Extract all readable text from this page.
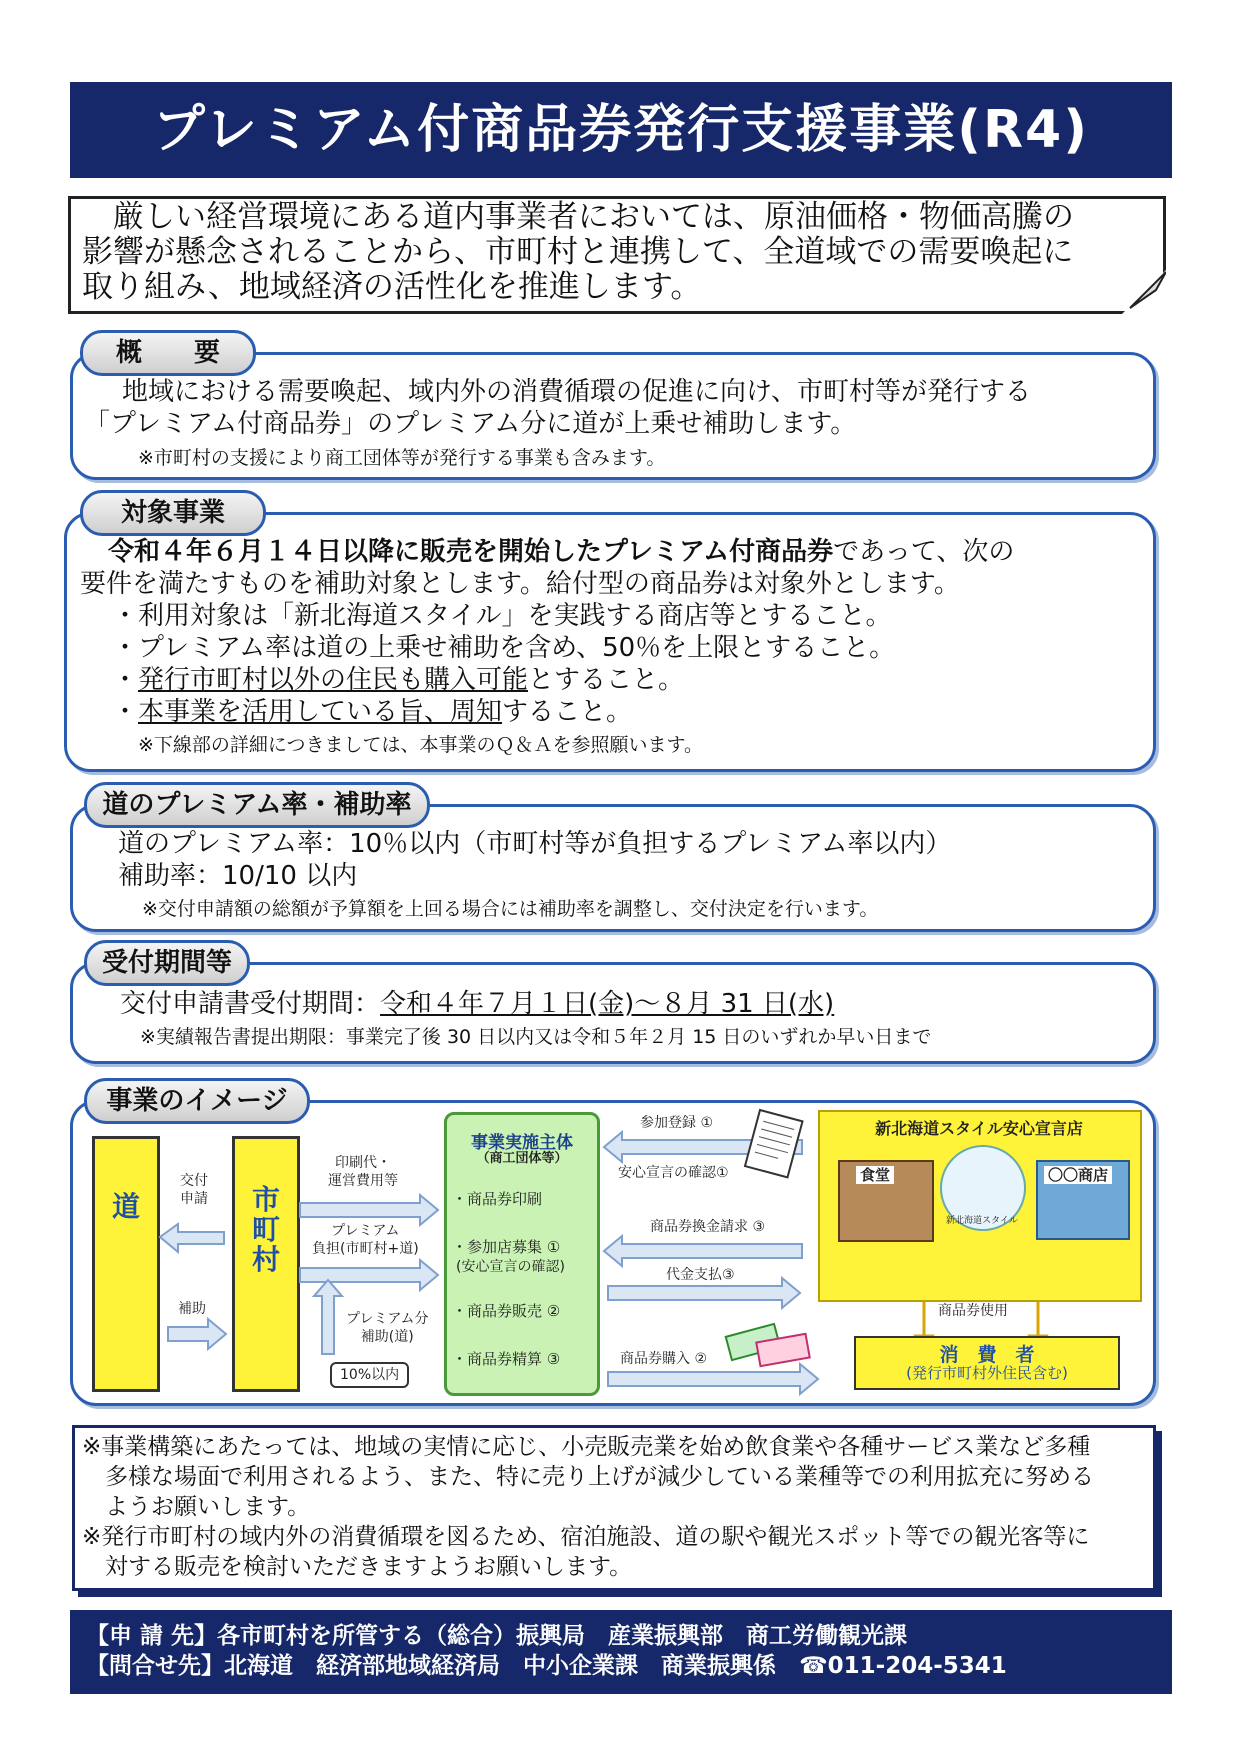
プレミアム付商品券発行支援事業(R4)
　厳しい経営環境にある道内事業者においては、原油価格・物価高騰の
影響が懸念されることから、市町村と連携して、全道域での需要喚起に
取り組み、地域経済の活性化を推進します。
概　　要
　地域における需要喚起、域内外の消費循環の促進に向け、市町村等が発行する
「プレミアム付商品券」のプレミアム分に道が上乗せ補助します。
※市町村の支援により商工団体等が発行する事業も含みます。
対象事業
令和４年６月１４日以降に販売を開始したプレミアム付商品券であって、次の
要件を満たすものを補助対象とします。給付型の商品券は対象外とします。
・利用対象は「新北海道スタイル」を実践する商店等とすること。
・プレミアム率は道の上乗せ補助を含め、50％を上限とすること。
・発行市町村以外の住民も購入可能とすること。
・本事業を活用している旨、周知すること。
※下線部の詳細につきましては、本事業のＱ＆Ａを参照願います。
道のプレミアム率・補助率
道のプレミアム率：10％以内（市町村等が負担するプレミアム率以内）
補助率：10/10 以内
※交付申請額の総額が予算額を上回る場合には補助率を調整し、交付決定を行います。
受付期間等
交付申請書受付期間：令和４年７月１日(金)〜８月 31 日(水)
※実績報告書提出期限：事業完了後 30 日以内又は令和５年２月 15 日のいずれか早い日まで
事業のイメージ
道	市町村
交付
申請
補助
印刷代・
運営費用等
プレミアム
負担(市町村+道)
プレミアム分
補助(道)
10%以内
事業実施主体
（商工団体等）
・商品券印刷
・参加店募集 ①
(安心宣言の確認)
・商品券販売 ②
・商品券精算 ③
参加登録 ①
安心宣言の確認①
商品券換金請求 ③
代金支払③
商品券購入 ②
新北海道スタイル安心宣言店
食堂
新北海道スタイル
〇〇商店
商品券使用
消　費　者
(発行市町村外住民含む)
※事業構築にあたっては、地域の実情に応じ、小売販売業を始め飲食業や各種サービス業など多種
　多様な場面で利用されるよう、また、特に売り上げが減少している業種等での利用拡充に努める
　ようお願いします。
※発行市町村の域内外の消費循環を図るため、宿泊施設、道の駅や観光スポット等での観光客等に
　対する販売を検討いただきますようお願いします。
【申 請 先】各市町村を所管する（総合）振興局　産業振興部　商工労働観光課
【問合せ先】北海道　経済部地域経済局　中小企業課　商業振興係　☎011-204-5341
